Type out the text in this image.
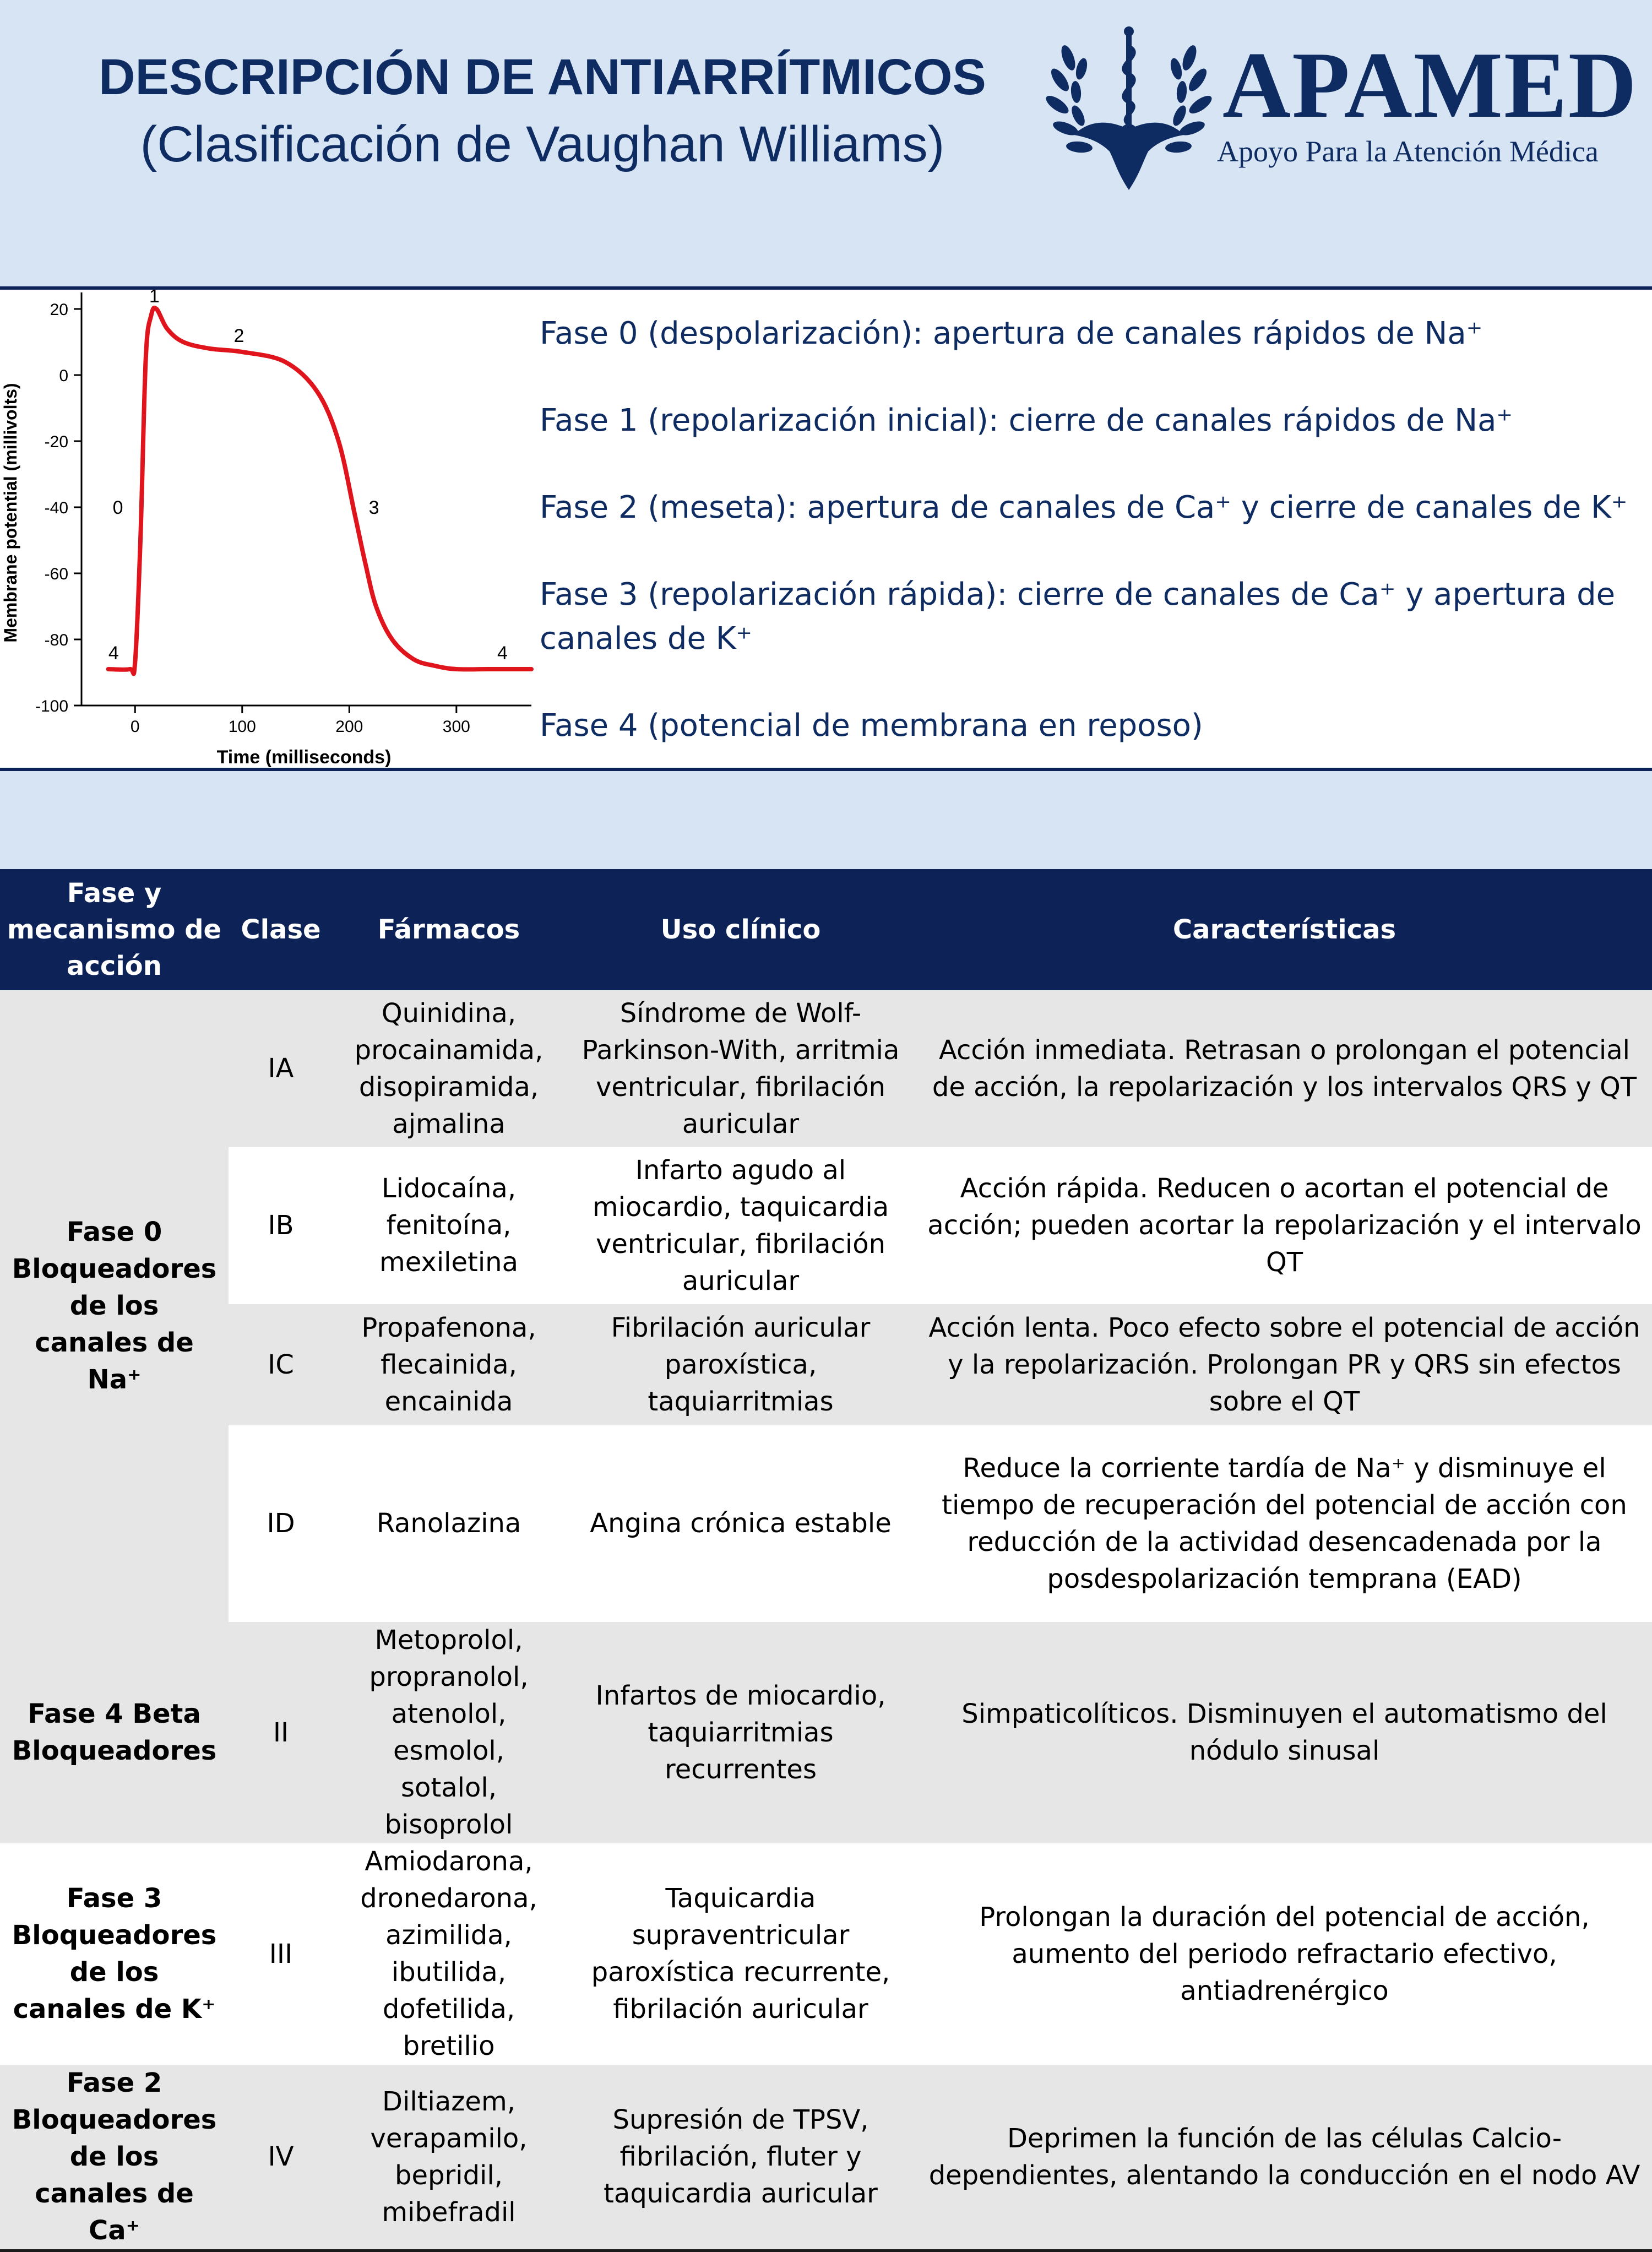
DESCRIPCIÓN DE ANTIARRÍTMICOS
(Clasificación de Vaughan Williams)
APAMED
Apoyo Para la Atención Médica
20
0
-20
-40
-60
-80
-100
0	100	200	300
0
1
2
3
4	4
Time (milliseconds)
Membrane potential (millivolts)
Fase 0 (despolarización): apertura de canales rápidos de Na⁺
Fase 1 (repolarización inicial): cierre de canales rápidos de Na⁺
Fase 2 (meseta): apertura de canales de Ca⁺ y cierre de canales de K⁺
Fase 3 (repolarización rápida): cierre de canales de Ca⁺ y apertura de canales de K⁺
Fase 4 (potencial de membrana en reposo)
Fase y mecanismo de acción	Clase	Fármacos	Uso clínico	Características
Fase 0 Bloqueadores de los canales de Na⁺	IA	Quinidina, procainamida, disopiramida, ajmalina	Síndrome de Wolf-Parkinson-With, arritmia ventricular, fibrilación auricular	Acción inmediata. Retrasan o prolongan el potencial de acción, la repolarización y los intervalos QRS y QT
	IB	Lidocaína, fenitoína, mexiletina	Infarto agudo al miocardio, taquicardia ventricular, fibrilación auricular	Acción rápida. Reducen o acortan el potencial de acción; pueden acortar la repolarización y el intervalo QT
	IC	Propafenona, flecainida, encainida	Fibrilación auricular paroxística, taquiarritmias	Acción lenta. Poco efecto sobre el potencial de acción y la repolarización. Prolongan PR y QRS sin efectos sobre el QT
	ID	Ranolazina	Angina crónica estable	Reduce la corriente tardía de Na⁺ y disminuye el tiempo de recuperación del potencial de acción con reducción de la actividad desencadenada por la posdespolarización temprana (EAD)
Fase 4 Beta Bloqueadores	II	Metoprolol, propranolol, atenolol, esmolol, sotalol, bisoprolol	Infartos de miocardio, taquiarritmias recurrentes	Simpaticolíticos. Disminuyen el automatismo del nódulo sinusal
Fase 3 Bloqueadores de los canales de K⁺	III	Amiodarona, dronedarona, azimilida, ibutilida, dofetilida, bretilio	Taquicardia supraventricular paroxística recurrente, fibrilación auricular	Prolongan la duración del potencial de acción, aumento del periodo refractario efectivo, antiadrenérgico
Fase 2 Bloqueadores de los canales de Ca⁺	IV	Diltiazem, verapamilo, bepridil, mibefradil	Supresión de TPSV, fibrilación, fluter y taquicardia auricular	Deprimen la función de las células Calcio-dependientes, alentando la conducción en el nodo AV
